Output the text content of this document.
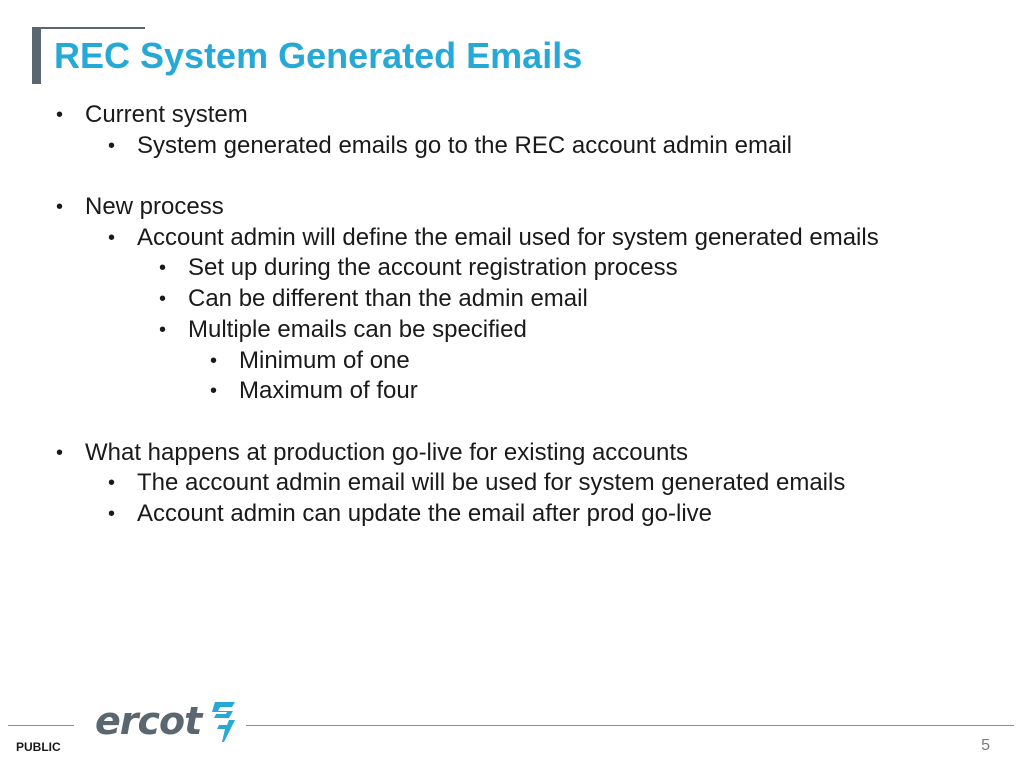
REC System Generated Emails
• Current system
• System generated emails go to the REC account admin email
• New process
• Account admin will define the email used for system generated emails
• Set up during the account registration process
• Can be different than the admin email
• Multiple emails can be specified
• Minimum of one
• Maximum of four
• What happens at production go-live for existing accounts
• The account admin email will be used for system generated emails
• Account admin can update the email after prod go-live
ercot
PUBLIC	5
